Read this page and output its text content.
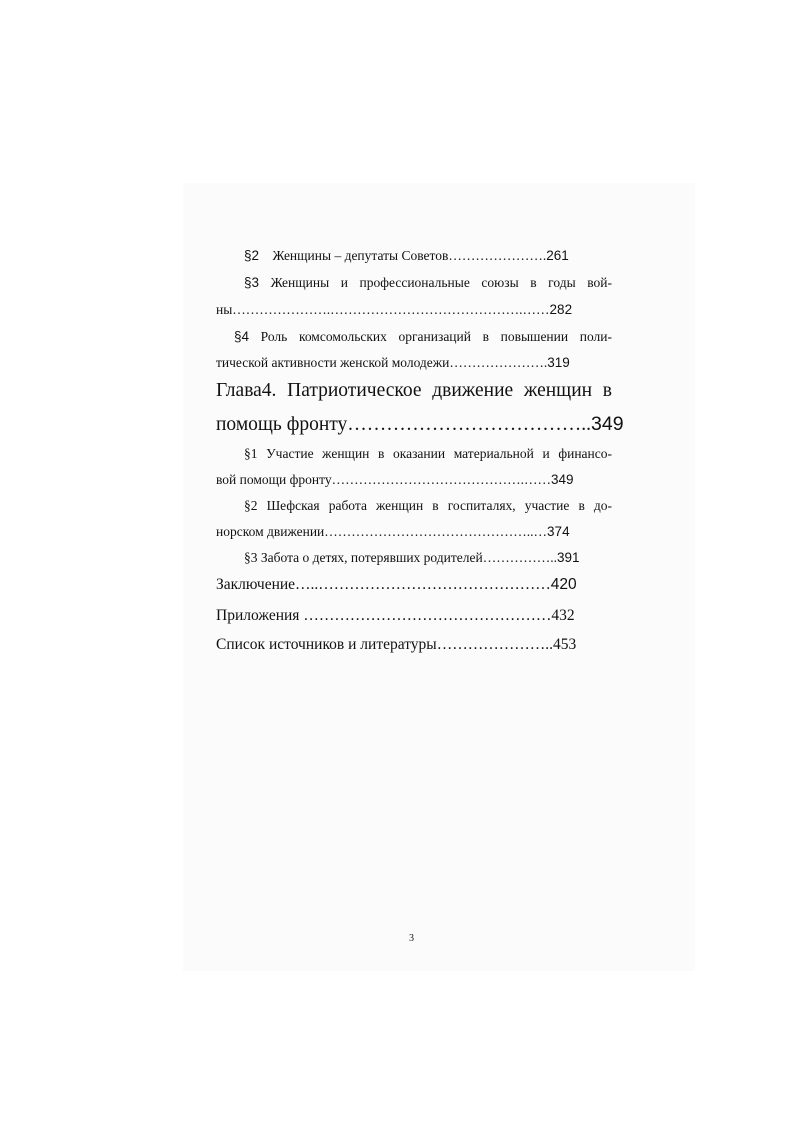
§2 Женщины – депутаты Советов………………….261
§3 Женщины и профессиональные союзы в годы вой-
ны………………….…………………………………….……282
§4 Роль комсомольских организаций в повышении поли-
тической активности женской молодежи………………….319
Глава4. Патриотическое движение женщин в
помощь фронту………………………………..349
§1 Участие женщин в оказании материальной и финансо-
вой помощи фронту…………………………………….……349
§2 Шефская работа женщин в госпиталях, участие в до-
норском движении………………………………………..…374
§3 Забота о детях, потерявших родителей……………..391
Заключение…..………………………………………420
Приложения …………………………………………432
Список источников и литературы…………………..453
3
